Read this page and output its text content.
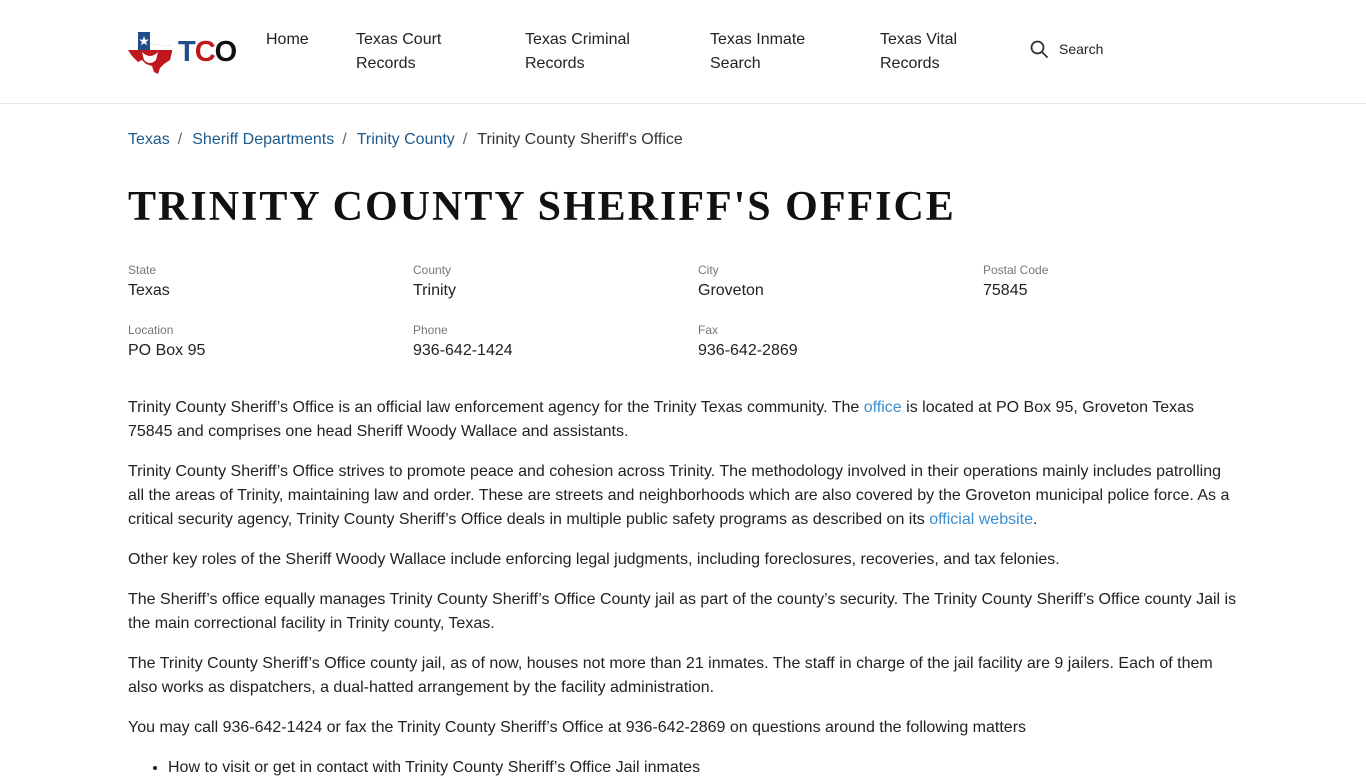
TCO Home	Texas Court
Records
Texas Criminal
Records
Texas Inmate
Search
Texas Vital
Records
Search
Texas / Sheriff Departments / Trinity County / Trinity County Sheriff's Office
TRINITY COUNTY SHERIFF'S OFFICE
State
Texas
County
Trinity
City
Groveton
Postal Code
75845
Location
PO Box 95
Phone
936-642-1424
Fax
936-642-2869

Trinity County Sheriff’s Office is an official law enforcement agency for the Trinity Texas community. The office is located at PO Box 95, Groveton Texas 75845 and comprises one head Sheriff Woody Wallace and assistants.

Trinity County Sheriff’s Office strives to promote peace and cohesion across Trinity. The methodology involved in their operations mainly includes patrolling all the areas of Trinity, maintaining law and order. These are streets and neighborhoods which are also covered by the Groveton municipal police force. As a critical security agency, Trinity County Sheriff’s Office deals in multiple public safety programs as described on its official website.

Other key roles of the Sheriff Woody Wallace include enforcing legal judgments, including foreclosures, recoveries, and tax felonies.

The Sheriff’s office equally manages Trinity County Sheriff’s Office County jail as part of the county’s security. The Trinity County Sheriff’s Office county Jail is the main correctional facility in Trinity county, Texas.

The Trinity County Sheriff’s Office county jail, as of now, houses not more than 21 inmates. The staff in charge of the jail facility are 9 jailers. Each of them also works as dispatchers, a dual-hatted arrangement by the facility administration.

You may call 936-642-1424 or fax the Trinity County Sheriff’s Office at 936-642-2869 on questions around the following matters

• How to visit or get in contact with Trinity County Sheriff’s Office Jail inmates
